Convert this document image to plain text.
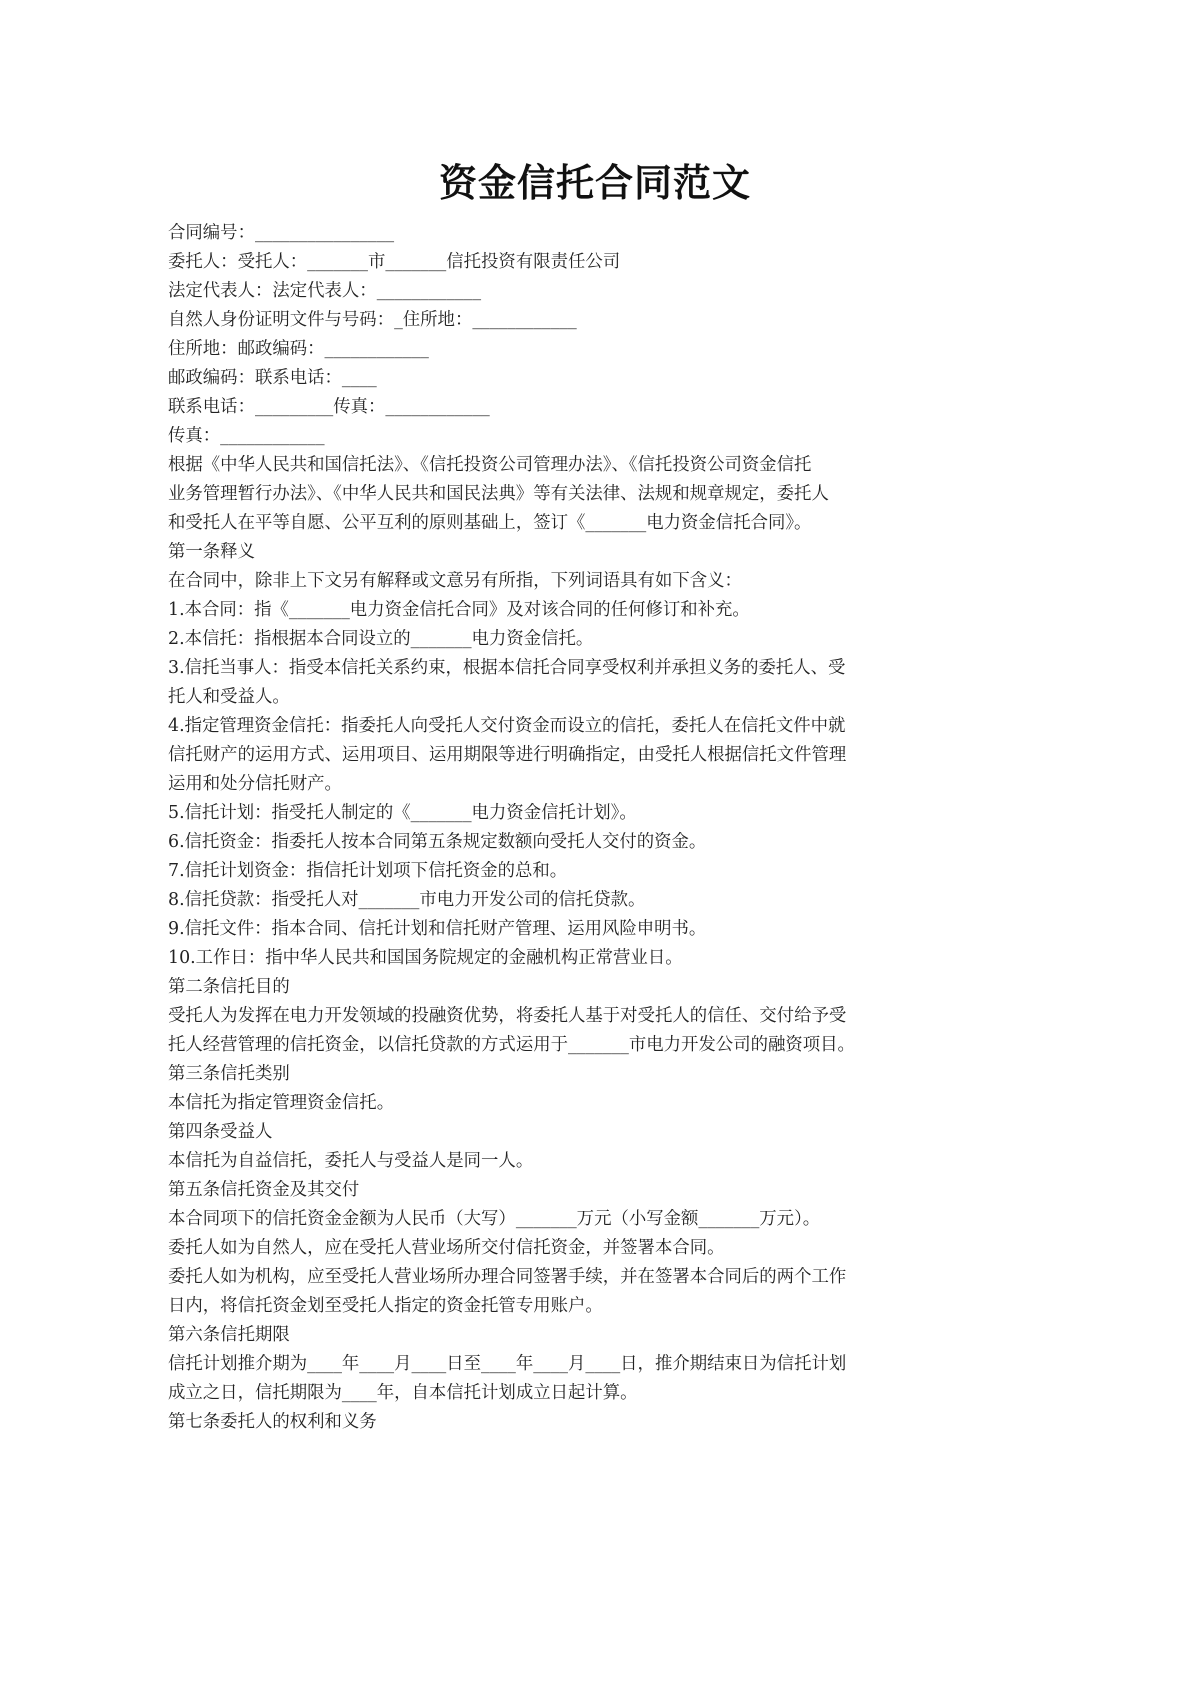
资金信托合同范文
合同编号：________________
委托人：受托人：_______市_______信托投资有限责任公司
法定代表人：法定代表人：____________
自然人身份证明文件与号码：_住所地：____________
住所地：邮政编码：____________
邮政编码：联系电话：____
联系电话：_________传真：____________
传真：____________
根据《中华人民共和国信托法》、《信托投资公司管理办法》、《信托投资公司资金信托
业务管理暂行办法》、《中华人民共和国民法典》等有关法律、法规和规章规定，委托人
和受托人在平等自愿、公平互利的原则基础上，签订《_______电力资金信托合同》。
第一条释义
在合同中，除非上下文另有解释或文意另有所指，下列词语具有如下含义：
1.本合同：指《_______电力资金信托合同》及对该合同的任何修订和补充。
2.本信托：指根据本合同设立的_______电力资金信托。
3.信托当事人：指受本信托关系约束，根据本信托合同享受权利并承担义务的委托人、受
托人和受益人。
4.指定管理资金信托：指委托人向受托人交付资金而设立的信托，委托人在信托文件中就
信托财产的运用方式、运用项目、运用期限等进行明确指定，由受托人根据信托文件管理
运用和处分信托财产。
5.信托计划：指受托人制定的《_______电力资金信托计划》。
6.信托资金：指委托人按本合同第五条规定数额向受托人交付的资金。
7.信托计划资金：指信托计划项下信托资金的总和。
8.信托贷款：指受托人对_______市电力开发公司的信托贷款。
9.信托文件：指本合同、信托计划和信托财产管理、运用风险申明书。
10.工作日：指中华人民共和国国务院规定的金融机构正常营业日。
第二条信托目的
受托人为发挥在电力开发领域的投融资优势，将委托人基于对受托人的信任、交付给予受
托人经营管理的信托资金，以信托贷款的方式运用于_______市电力开发公司的融资项目。
第三条信托类别
本信托为指定管理资金信托。
第四条受益人
本信托为自益信托，委托人与受益人是同一人。
第五条信托资金及其交付
本合同项下的信托资金金额为人民币（大写）_______万元（小写金额_______万元）。
委托人如为自然人，应在受托人营业场所交付信托资金，并签署本合同。
委托人如为机构，应至受托人营业场所办理合同签署手续，并在签署本合同后的两个工作
日内，将信托资金划至受托人指定的资金托管专用账户。
第六条信托期限
信托计划推介期为____年____月____日至____年____月____日，推介期结束日为信托计划
成立之日，信托期限为____年，自本信托计划成立日起计算。
第七条委托人的权利和义务
